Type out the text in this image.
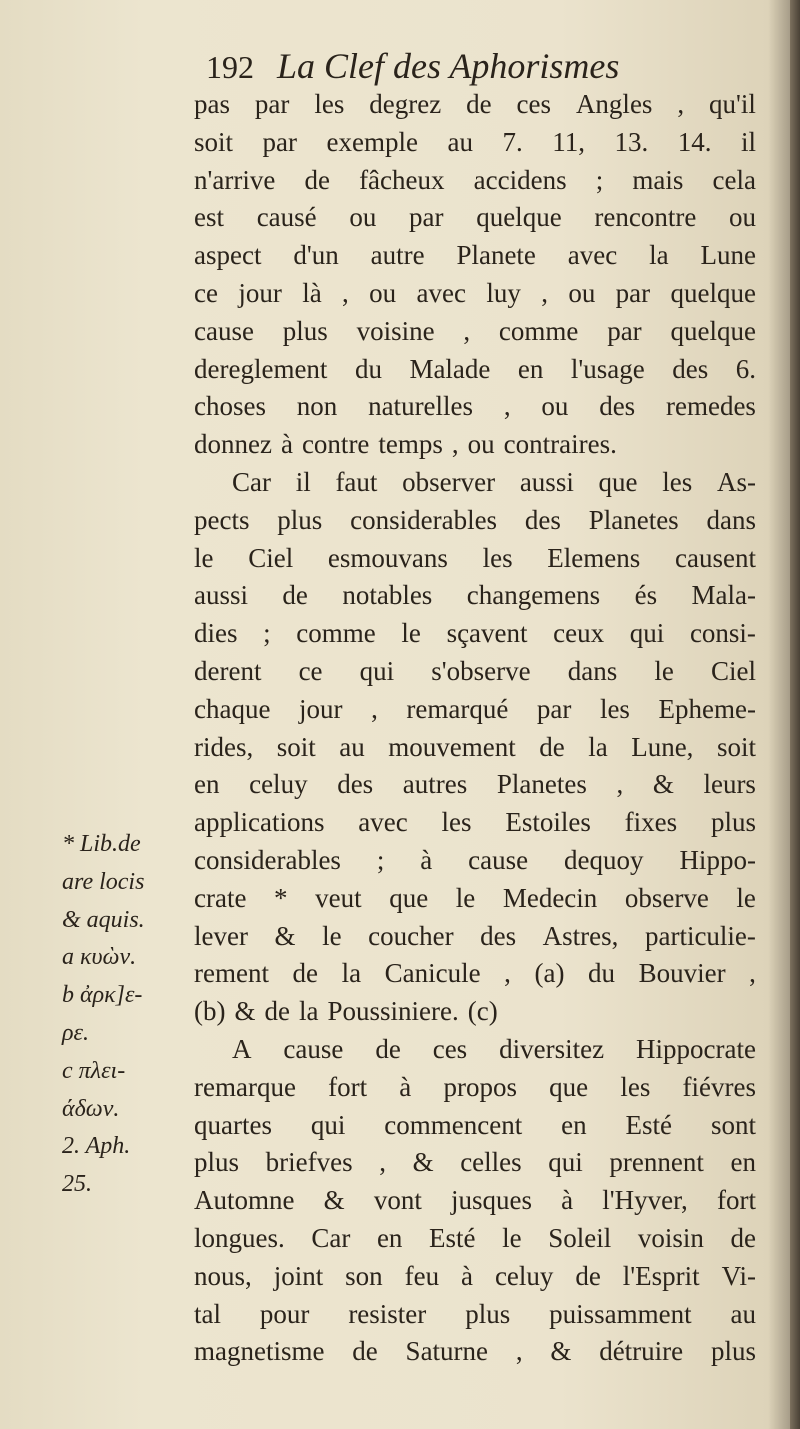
192 La Clef des Aphorismes
pas par les degrez de ces Angles , qu'il
soit par exemple au 7. 11, 13. 14. il
n'arrive de fâcheux accidens ; mais cela
est causé ou par quelque rencontre ou
aspect d'un autre Planete avec la Lune
ce jour là , ou avec luy , ou par quelque
cause plus voisine , comme par quelque
dereglement du Malade en l'usage des 6.
choses non naturelles , ou des remedes
donnez à contre temps , ou contraires.
Car il faut observer aussi que les As-
pects plus considerables des Planetes dans
le Ciel esmouvans les Elemens causent
aussi de notables changemens és Mala-
dies ; comme le sçavent ceux qui consi-
derent ce qui s'observe dans le Ciel
chaque jour , remarqué par les Epheme-
rides, soit au mouvement de la Lune, soit
en celuy des autres Planetes , & leurs
applications avec les Estoiles fixes plus
considerables ; à cause dequoy Hippo-
crate * veut que le Medecin observe le
lever & le coucher des Astres, particulie-
rement de la Canicule , (a) du Bouvier ,
(b) & de la Poussiniere. (c)
A cause de ces diversitez Hippocrate
remarque fort à propos que les fiévres
quartes qui commencent en Esté sont
plus briefves , & celles qui prennent en
Automne & vont jusques à l'Hyver, fort
longues. Car en Esté le Soleil voisin de
nous, joint son feu à celuy de l'Esprit Vi-
tal pour resister plus puissamment au
magnetisme de Saturne , & détruire plus
* Lib.de
are locis
& aquis.
a κυὼν.
b ἀρκ]ε-
ρε.
c πλει-
άδων.
2. Aph.
25.
